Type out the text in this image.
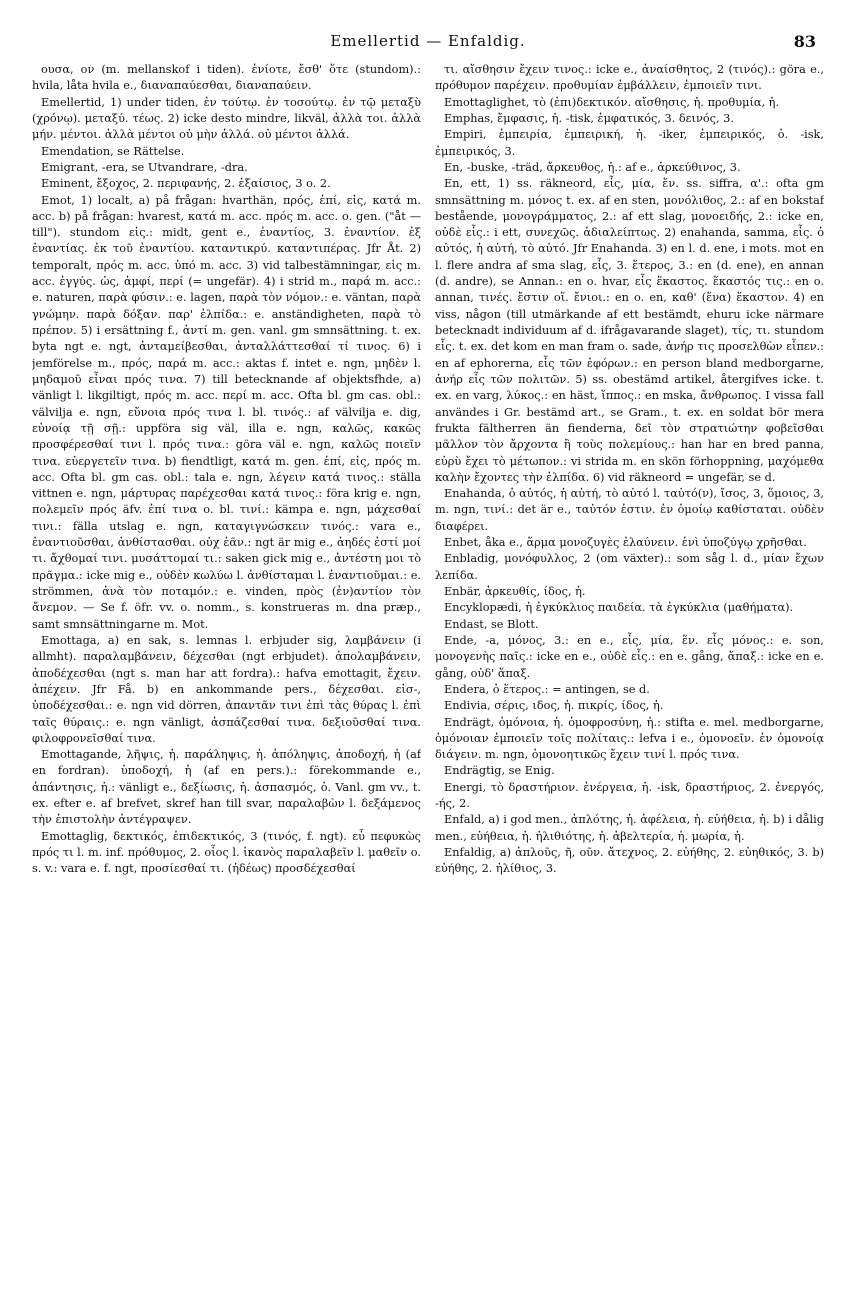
Emellertid — Enfaldig.	83

ουσα, ον (m. mellanskof i tiden). ἐνίοτε, ἔσθ' ὅτε (stundom).: hvila, låta hvila e., διαναπαύεσθαι, διαναπαύειν.

Emellertid, 1) under tiden, ἐν τούτῳ. ἐν τοσούτῳ. ἐν τῷ μεταξὺ (χρόνῳ). μεταξύ. τέως. 2) icke desto mindre, likväl, ἀλλὰ τοι. ἀλλὰ μήν. μέντοι. ἀλλὰ μέντοι οὐ μὴν ἀλλά. οὐ μέντοι ἀλλά.

Emendation, se Rättelse.

Emigrant, -era, se Utvandrare, -dra.

Eminent, ἔξοχος, 2. περιφανής, 2. ἐξαίσιος, 3 o. 2.

Emot, 1) localt, a) på frågan: hvarthän, πρός, ἐπί, εἰς, κατά m. acc. b) på frågan: hvarest, κατά m. acc. πρός m. acc. o. gen. ("åt — till"). stundom εἰς.: midt, gent e., ἐναντίος, 3. ἐναντίον. ἐξ ἐναντίας. ἐκ τοῦ ἐναντίου. καταντικρύ. καταντιπέρας. Jfr Åt. 2) temporalt, πρός m. acc. ὑπό m. acc. 3) vid talbestämningar, εἰς m. acc. ἐγγύς. ὡς, ἀμφί, περί (= ungefär). 4) i strid m., παρά m. acc.: e. naturen, παρὰ φύσιν.: e. lagen, παρὰ τὸν νόμον.: e. väntan, παρὰ γνώμην. παρὰ δόξαν. παρ' ἐλπίδα.: e. anständigheten, παρὰ τὸ πρέπον. 5) i ersättning f., ἀντί m. gen. vanl. gm smnsättning. t. ex. byta ngt e. ngt, ἀνταμείβεσθαι, ἀνταλλάττεσθαί τί τινος. 6) i jemförelse m., πρός, παρά m. acc.: aktas f. intet e. ngn, μηδὲν l. μηδαμοῦ εἶναι πρός τινα. 7) till betecknande af objektsfhde, a) vänligt l. likgiltigt, πρός m. acc. περί m. acc. Ofta bl. gm cas. obl.: välvilja e. ngn, εὔνοια πρός τινα l. bl. τινός.: af välvilja e. dig, εὐνοίᾳ τῇ σῇ.: uppföra sig väl, illa e. ngn, καλῶς, κακῶς προσφέρεσθαί τινι l. πρός τινα.: göra väl e. ngn, καλῶς ποιεῖν τινα. εὐεργετεῖν τινα. b) fiendtligt, κατά m. gen. ἐπί, εἰς, πρός m. acc. Ofta bl. gm cas. obl.: tala e. ngn, λέγειν κατά τινος.: ställa vittnen e. ngn, μάρτυρας παρέχεσθαι κατά τινος.: föra krig e. ngn, πολεμεῖν πρός äfv. ἐπί τινα o. bl. τινί.: kämpa e. ngn, μάχεσθαί τινι.: fälla utslag e. ngn, καταγιγνώσκειν τινός.: vara e., ἐναντιοῦσθαι, ἀνθίστασθαι. οὐχ ἐᾶν.: ngt är mig e., ἀηδές ἐστί μοί τι. ἄχθομαί τινι. μυσάττομαί τι.: saken gick mig e., ἀντέστη μοι τὸ πρᾶγμα.: icke mig e., οὐδὲν κωλύω l. ἀνθίσταμαι l. ἐναντιοῦμαι.: e. strömmen, ἀνὰ τὸν ποταμόν.: e. vinden, πρὸς (ἐν)αντίον τὸν ἄνεμον. — Se f. öfr. vv. o. nomm., s. konstrueras m. dna præp., samt smnsättningarne m. Mot.

Emottaga, a) en sak, s. lemnas l. erbjuder sig, λαμβάνειν (i allmht). παραλαμβάνειν, δέχεσθαι (ngt erbjudet). ἀπολαμβάνειν, ἀποδέχεσθαι (ngt s. man har att fordra).: hafva emottagit, ἔχειν. ἀπέχειν. Jfr Få. b) en ankommande pers., δέχεσθαι. εἰσ-, ὑποδέχεσθαι.: e. ngn vid dörren, ἀπαντᾶν τινι ἐπὶ τὰς θύρας l. ἐπὶ ταῖς θύραις.: e. ngn vänligt, ἀσπάζεσθαί τινα. δεξιοῦσθαί τινα. φιλοφρονεῖσθαί τινα.

Emottagande, λῆψις, ἡ. παράληψις, ἡ. ἀπόληψις, ἀποδοχή, ἡ (af en fordran). ὑποδοχή, ἡ (af en pers.).: förekommande e., ἀπάντησις, ἡ.: vänligt e., δεξίωσις, ἡ. ἀσπασμός, ὁ. Vanl. gm vv., t. ex. efter e. af brefvet, skref han till svar, παραλαβὼν l. δεξάμενος τὴν ἐπιστολὴν ἀντέγραψεν.

Emottaglig, δεκτικός, ἐπιδεκτικός, 3 (τινός, f. ngt). εὖ πεφυκὼς πρός τι l. m. inf. πρόθυμος, 2. οἷος l. ἱκανὸς παραλαβεῖν l. μαθεῖν o. s. v.: vara e. f. ngt, προσίεσθαί τι. (ἡδέως) προσδέχεσθαί

τι. αἴσθησιν ἔχειν τινος.: icke e., ἀναίσθητος, 2 (τινός).: göra e., πρόθυμον παρέχειν. προθυμίαν ἐμβάλλειν, ἐμποιεῖν τινι.

Emottaglighet, τὸ (ἐπι)δεκτικόν. αἴσθησις, ἡ. προθυμία, ἡ.

Emphas, ἔμφασις, ἡ. -tisk, ἐμφατικός, 3. δεινός, 3.

Empiri, ἐμπειρία, ἐμπειρική, ἡ. -iker, ἐμπειρικός, ὁ. -isk, ἐμπειρικός, 3.

En, -buske, -träd, ἄρκευθος, ἡ.: af e., ἀρκεύθινος, 3.

En, ett, 1) ss. räkneord, εἷς, μία, ἕν. ss. siffra, α'.: ofta gm smnsättning m. μόνος t. ex. af en sten, μονόλιθος, 2.: af en bokstaf bestående, μονογράμματος, 2.: af ett slag, μονοειδής, 2.: icke en, οὐδὲ εἷς.: i ett, συνεχῶς. ἀδιαλείπτως. 2) enahanda, samma, εἷς. ὁ αὐτός, ἡ αὐτή, τὸ αὐτό. Jfr Enahanda. 3) en l. d. ene, i mots. mot en l. flere andra af sma slag, εἷς, 3. ἕτερος, 3.: en (d. ene), en annan (d. andre), se Annan.: en o. hvar, εἷς ἕκαστος. ἕκαστός τις.: en o. annan, τινές. ἔστιν οἵ. ἔνιοι.: en o. en, καθ' (ἕνα) ἕκαστον. 4) en viss, någon (till utmärkande af ett bestämdt, ehuru icke närmare betecknadt individuum af d. ifrågavarande slaget), τίς, τι. stundom εἷς. t. ex. det kom en man fram o. sade, ἀνήρ τις προσελθὼν εἶπεν.: en af ephorerna, εἷς τῶν ἐφόρων.: en person bland medborgarne, ἀνήρ εἷς τῶν πολιτῶν. 5) ss. obestämd artikel, återgifves icke. t. ex. en varg, λύκος.: en häst, ἵππος.: en mska, ἄνθρωπος. I vissa fall användes i Gr. bestämd art., se Gram., t. ex. en soldat bör mera frukta fältherren än fienderna, δεῖ τὸν στρατιώτην φοβεῖσθαι μᾶλλον τὸν ἄρχοντα ἢ τοὺς πολεμίους.: han har en bred panna, εὐρὺ ἔχει τὸ μέτωπον.: vi strida m. en skön förhoppning, μαχόμεθα καλὴν ἔχοντες τὴν ἐλπίδα. 6) vid räkneord = ungefär, se d.

Enahanda, ὁ αὐτός, ἡ αὐτή, τὸ αὐτό l. ταὐτό(ν), ἴσος, 3, ὅμοιος, 3, m. ngn, τινί.: det är e., ταὐτόν ἐστιν. ἐν ὁμοίῳ καθίσταται. οὐδὲν διαφέρει.

Enbet, åka e., ἅρμα μονοζυγὲς ἐλαύνειν. ἑνὶ ὑποζύγῳ χρῆσθαι.

Enbladig, μονόφυλλος, 2 (om växter).: som såg l. d., μίαν ἔχων λεπίδα.

Enbär, ἀρκευθίς, ίδος, ἡ.

Encyklopædi, ἡ ἐγκύκλιος παιδεία. τὰ ἐγκύκλια (μαθήματα).

Endast, se Blott.

Ende, -a, μόνος, 3.: en e., εἷς, μία, ἕν. εἷς μόνος.: e. son, μονογενὴς παῖς.: icke en e., οὐδὲ εἷς.: en e. gång, ἅπαξ.: icke en e. gång, οὐδ' ἅπαξ.

Endera, ὁ ἕτερος.: = antingen, se d.

Endivia, σέρις, ιδος, ἡ. πικρίς, ίδος, ἡ.

Endrägt, ὁμόνοια, ἡ. ὁμοφροσύνη, ἡ.: stifta e. mel. medborgarne, ὁμόνοιαν ἐμποιεῖν τοῖς πολίταις.: lefva i e., ὁμονοεῖν. ἐν ὁμονοίᾳ διάγειν. m. ngn, ὁμονοητικῶς ἔχειν τινί l. πρός τινα.

Endrägtig, se Enig.

Energi, τὸ δραστήριον. ἐνέργεια, ἡ. -isk, δραστήριος, 2. ἐνεργός, -ής, 2.

Enfald, a) i god men., ἁπλότης, ἡ. ἀφέλεια, ἡ. εὐήθεια, ἡ. b) i dålig men., εὐήθεια, ἡ. ἠλιθιότης, ἡ. ἀβελτερία, ἡ. μωρία, ἡ.

Enfaldig, a) ἁπλοῦς, ῆ, οῦν. ἄτεχνος, 2. εὐήθης, 2. εὐηθικός, 3. b) εὐήθης, 2. ἠλίθιος, 3.
